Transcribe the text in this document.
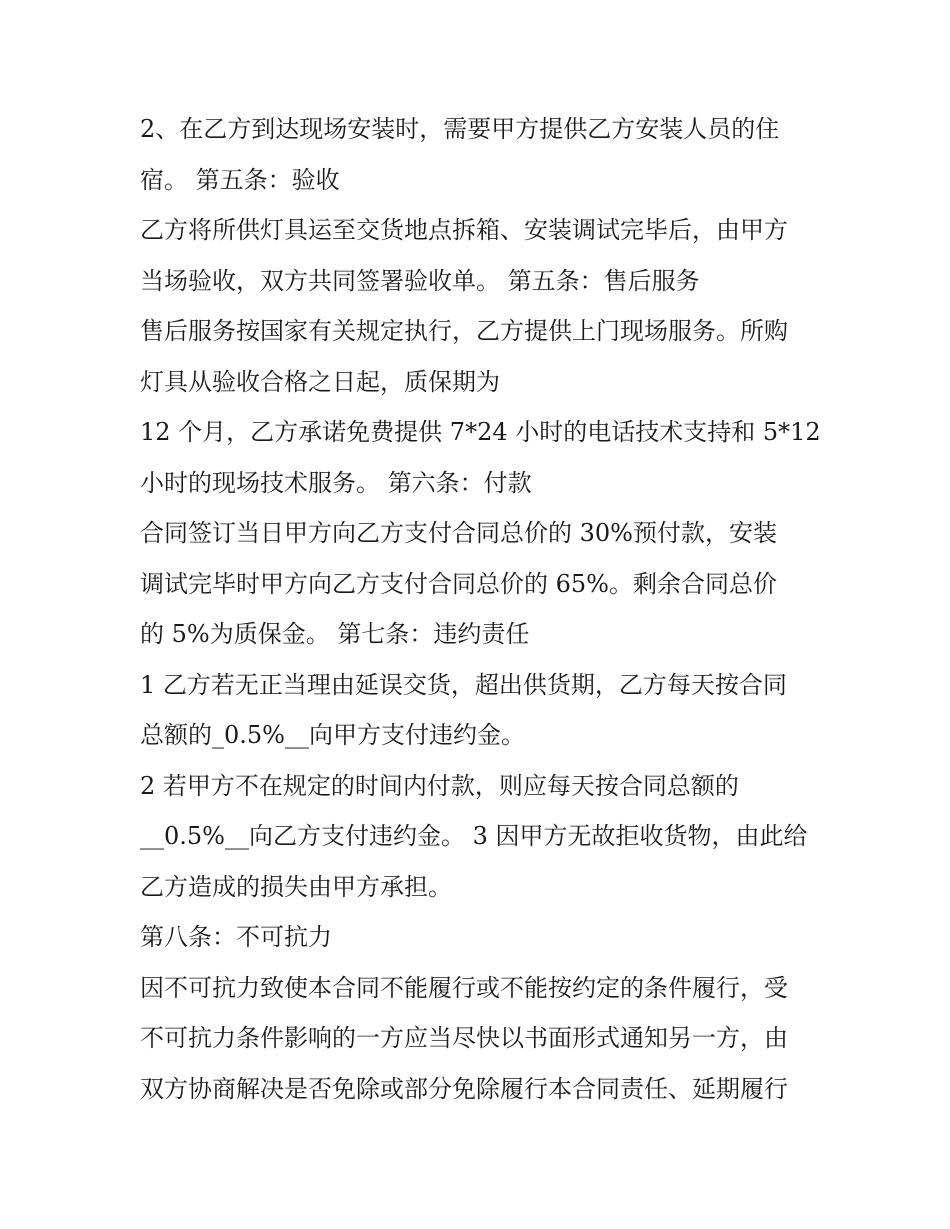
2、在乙方到达现场安装时，需要甲方提供乙方安装人员的住
宿。 第五条：验收
乙方将所供灯具运至交货地点拆箱、安装调试完毕后，由甲方
当场验收，双方共同签署验收单。 第五条：售后服务
售后服务按国家有关规定执行，乙方提供上门现场服务。所购
灯具从验收合格之日起，质保期为
12 个月，乙方承诺免费提供 7*24 小时的电话技术支持和 5*12
小时的现场技术服务。 第六条：付款
合同签订当日甲方向乙方支付合同总价的 30%预付款，安装
调试完毕时甲方向乙方支付合同总价的 65%。剩余合同总价
的 5%为质保金。 第七条：违约责任
1 乙方若无正当理由延误交货，超出供货期，乙方每天按合同
总额的_0.5%__向甲方支付违约金。
2 若甲方不在规定的时间内付款，则应每天按合同总额的
__0.5%__向乙方支付违约金。 3 因甲方无故拒收货物，由此给
乙方造成的损失由甲方承担。
第八条：不可抗力
因不可抗力致使本合同不能履行或不能按约定的条件履行，受
不可抗力条件影响的一方应当尽快以书面形式通知另一方，由
双方协商解决是否免除或部分免除履行本合同责任、延期履行
